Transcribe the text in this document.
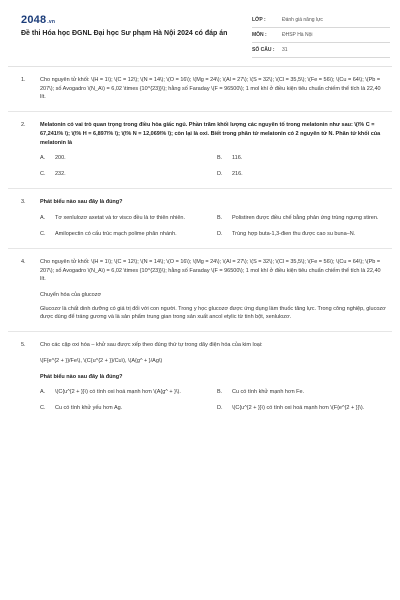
2048.vn
Đề thi Hóa học ĐGNL Đại học Sư phạm Hà Nội 2024 có đáp án
LỚP :	Đánh giá năng lực
MÔN :	ĐHSP Hà Nội
SỐ CÂU :	31
1.	Cho nguyên tử khối: \(H = 1\); \(C = 12\); \(N = 14\); \(O = 16\); \(Mg = 24\); \(Al = 27\); \(S = 32\); \(Cl = 35,5\); \(Fe = 56\); \(Cu = 64\); \(Pb = 207\); số Avogadro \(N_A\) = 6,02 \times {10^{23}}\); hằng số Faraday \(F = 96500\); 1 mol khí ở điều kiện tiêu chuẩn chiếm thể tích là 22,40 lít.
2.	Melatonin có vai trò quan trọng trong điều hòa giấc ngủ. Phần trăm khối lượng các nguyên tố trong melatonin như sau: \(\% C = 67,241\% \); \(\% H = 6,897\% \); \(\% N = 12,069\% \); còn lại là oxi. Biết trong phân tử melatonin có 2 nguyên tử N. Phân tử khối của melatonin là
A.	200.	B.	116.
C.	232.	D.	216.
3.	Phát biểu nào sau đây là đúng?
A.	Tơ xenlulozơ axetat và tơ visco đều là tơ thiên nhiên.	B.	Polistiren được điều chế bằng phản ứng trùng ngưng stiren.
C.	Amilopectin có cấu trúc mạch polime phân nhánh.	D.	Trùng hợp buta-1,3-đien thu được cao su buna–N.
4.	Cho nguyên tử khối: \(H = 1\); \(C = 12\); \(N = 14\); \(O = 16\); \(Mg = 24\); \(Al = 27\); \(S = 32\); \(Cl = 35,5\); \(Fe = 56\); \(Cu = 64\); \(Pb = 207\); số Avogadro \(N_A\) = 6,02 \times {10^{23}}\); hằng số Faraday \(F = 96500\); 1 mol khí ở điều kiện tiêu chuẩn chiếm thể tích là 22,40 lít.
Chuyển hóa của glucozơ
Glucozơ là chất dinh dưỡng có giá trị đối với con người. Trong y học glucozơ được ứng dụng làm thuốc tăng lực. Trong công nghiệp, glucozơ được dùng để tráng gương và là sản phẩm trung gian trong sản xuất ancol etylic từ tinh bột, xenlulozơ.
5.	Cho các cặp oxi hóa – khử sau được xếp theo đúng thứ tự trong dãy điện hóa của kim loại:
\(F{e^{2 + }}/Fe\), \(C{u^{2 + }}/Cu\), \(A{g^ + }/Ag\)
Phát biểu nào sau đây là đúng?
A.	\(C{u^{2 + }}\) có tính oxi hoá mạnh hơn \(A{g^ + }\).	B.	Cu có tính khử mạnh hơn Fe.
C.	Cu có tính khử yếu hơn Ag.	D.	\(C{u^{2 + }}\) có tính oxi hoá mạnh hơn \(F{e^{2 + }}\).
